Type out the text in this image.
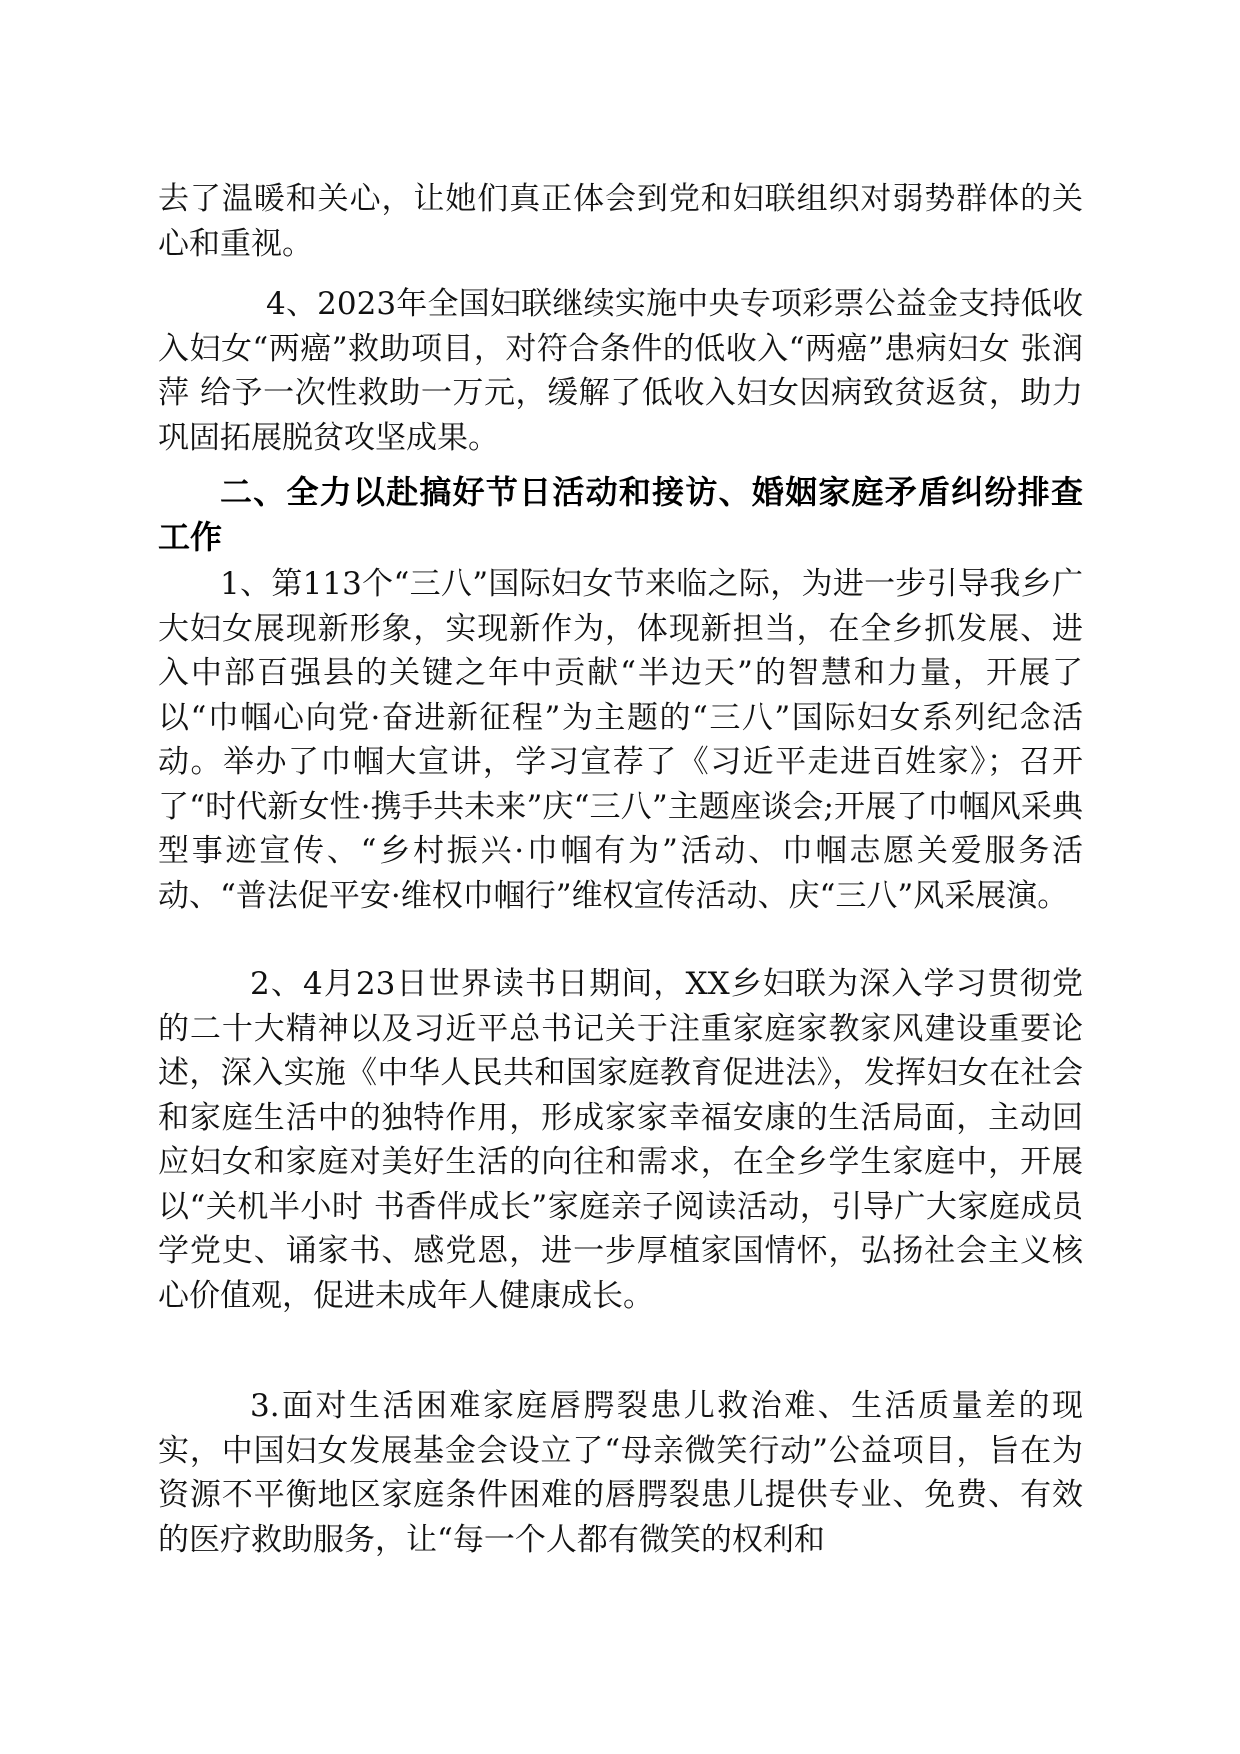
去了温暖和关心，让她们真正体会到党和妇联组织对弱势群体的关心和重视。

4、2023年全国妇联继续实施中央专项彩票公益金支持低收入妇女“两癌”救助项目，对符合条件的低收入“两癌”患病妇女 张润萍 给予一次性救助一万元，缓解了低收入妇女因病致贫返贫，助力巩固拓展脱贫攻坚成果。

二、全力以赴搞好节日活动和接访、婚姻家庭矛盾纠纷排查工作

1、第113个“三八”国际妇女节来临之际，为进一步引导我乡广大妇女展现新形象，实现新作为，体现新担当，在全乡抓发展、进入中部百强县的关键之年中贡献“半边天”的智慧和力量，开展了以“巾帼心向党·奋进新征程”为主题的“三八”国际妇女系列纪念活动。举办了巾帼大宣讲，学习宣荐了《习近平走进百姓家》；召开了“时代新女性·携手共未来”庆“三八”主题座谈会;开展了巾帼风采典型事迹宣传、“乡村振兴·巾帼有为”活动、巾帼志愿关爱服务活动、“普法促平安·维权巾帼行”维权宣传活动、庆“三八”风采展演。

2、4月23日世界读书日期间，XX乡妇联为深入学习贯彻党的二十大精神以及习近平总书记关于注重家庭家教家风建设重要论述，深入实施《中华人民共和国家庭教育促进法》，发挥妇女在社会和家庭生活中的独特作用，形成家家幸福安康的生活局面，主动回应妇女和家庭对美好生活的向往和需求，在全乡学生家庭中，开展以“关机半小时 书香伴成长”家庭亲子阅读活动，引导广大家庭成员学党史、诵家书、感党恩，进一步厚植家国情怀，弘扬社会主义核心价值观，促进未成年人健康成长。

3.面对生活困难家庭唇腭裂患儿救治难、生活质量差的现实，中国妇女发展基金会设立了“母亲微笑行动”公益项目，旨在为资源不平衡地区家庭条件困难的唇腭裂患儿提供专业、免费、有效的医疗救助服务，让“每一个人都有微笑的权利和
